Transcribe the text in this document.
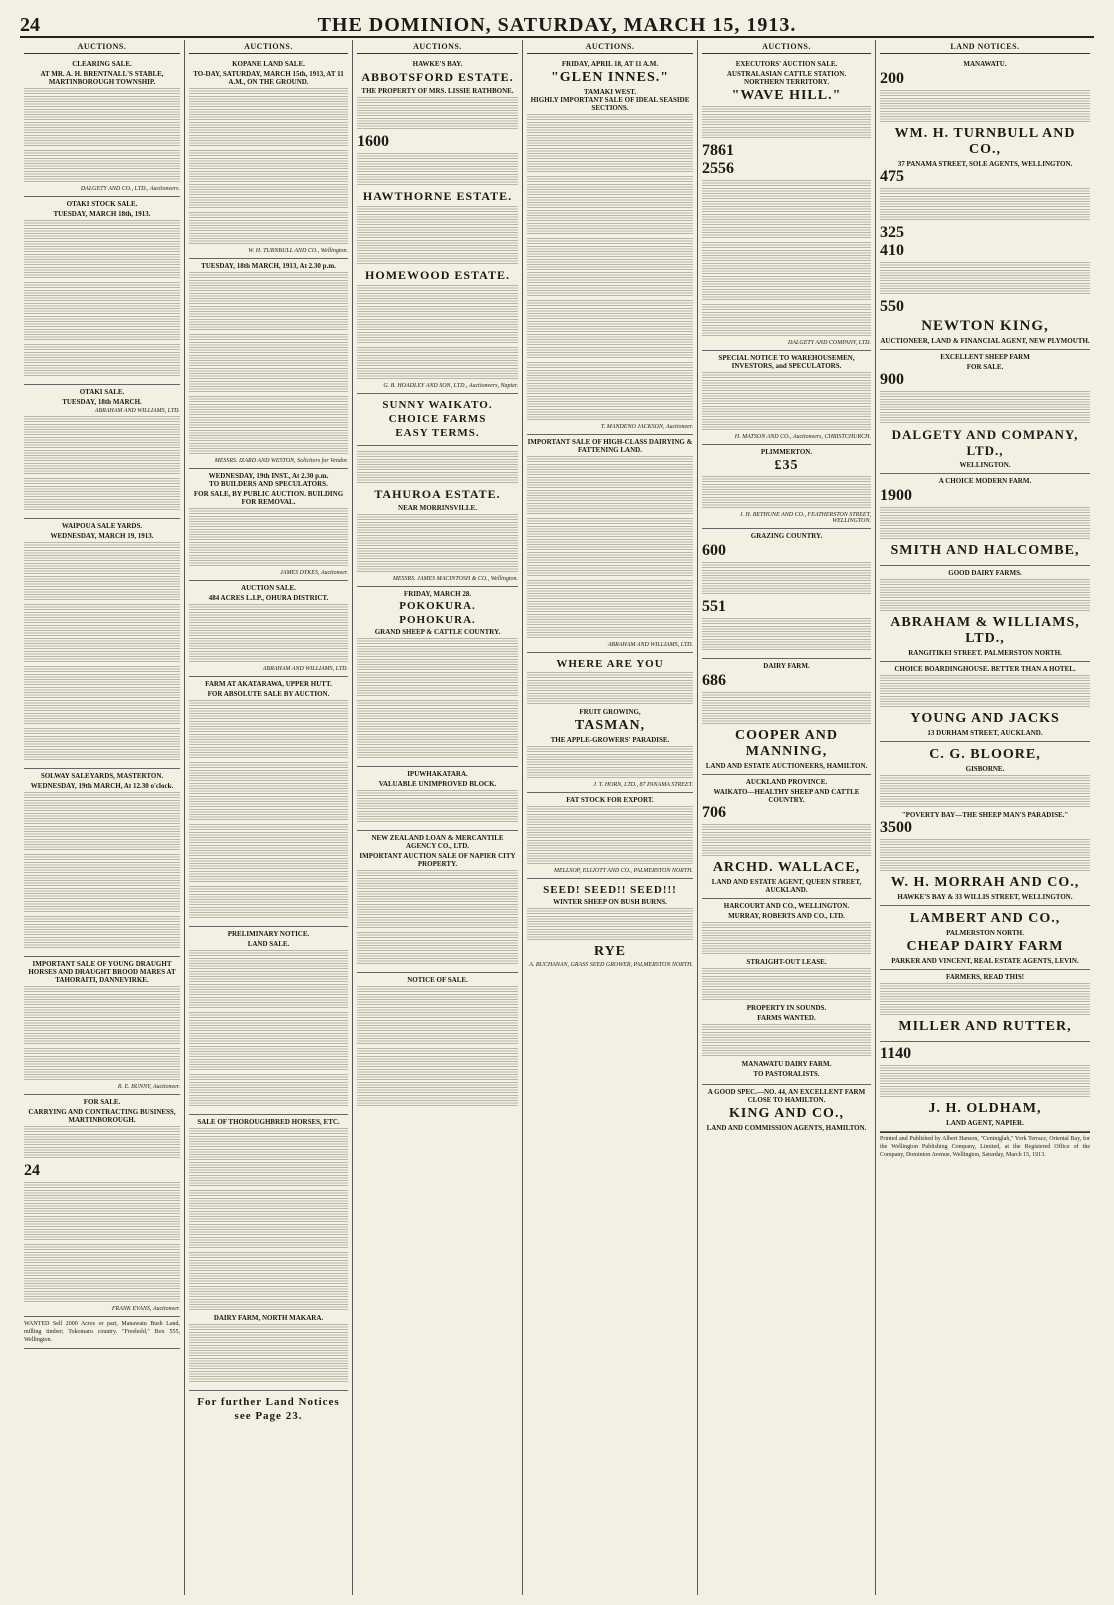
24	THE DOMINION, SATURDAY, MARCH 15, 1913.
AUCTIONS.
CLEARING SALE.
AT MR. A. H. BRENTNALL'S STABLE, MARTINBOROUGH TOWNSHIP.
DALGETY AND CO., LTD., Auctioneers.
OTAKI STOCK SALE.
TUESDAY, MARCH 18th, 1913.
OTAKI SALE.
TUESDAY, 18th MARCH.
ABRAHAM AND WILLIAMS, LTD.
WAIPOUA SALE YARDS.
WEDNESDAY, MARCH 19, 1913.
SOLWAY SALEYARDS, MASTERTON.
WEDNESDAY, 19th MARCH, At 12.30 o'clock.
IMPORTANT SALE OF YOUNG DRAUGHT HORSES AND DRAUGHT BROOD MARES AT TAHORAITI, DANNEVIRKE.
R. E. BUNNY, Auctioneer.
FOR SALE.
CARRYING AND CONTRACTING BUSINESS, MARTINBOROUGH.
24
FRANK EVANS, Auctioneer.
WANTED Sell 2000 Acres or part, Manawatu Bush Land, milling timber; Tokomaru country. "Freehold," Box 555, Wellington.
AUCTIONS.
KOPANE LAND SALE.
TO-DAY, SATURDAY, MARCH 15th, 1913, AT 11 A.M., ON THE GROUND.
W. H. TURNBULL AND CO., Wellington.
TUESDAY, 18th MARCH, 1913, At 2.30 p.m.
MESSRS. IZARD AND WESTON, Solicitors for Vendor.
WEDNESDAY, 19th INST., At 2.30 p.m.
TO BUILDERS AND SPECULATORS.
FOR SALE, BY PUBLIC AUCTION. BUILDING FOR REMOVAL.
JAMES DYKES, Auctioneer.
AUCTION SALE.
484 ACRES L.I.P., OHURA DISTRICT.
ABRAHAM AND WILLIAMS, LTD.
FARM AT AKATARAWA, UPPER HUTT.
FOR ABSOLUTE SALE BY AUCTION.
PRELIMINARY NOTICE.
LAND SALE.
SALE OF THOROUGHBRED HORSES, ETC.
DAIRY FARM, NORTH MAKARA.
For further Land Notices
see Page 23.
AUCTIONS.
HAWKE'S BAY.
ABBOTSFORD ESTATE.
THE PROPERTY OF MRS. LISSIE RATHBONE.
1600
HAWTHORNE ESTATE.
HOMEWOOD ESTATE.
G. B. HOADLEY AND SON, LTD., Auctioneers, Napier.
SUNNY WAIKATO.
CHOICE FARMS
EASY TERMS.
TAHUROA ESTATE.
NEAR MORRINSVILLE.
MESSRS. JAMES MACINTOSH & CO., Wellington.
FRIDAY, MARCH 28.
POKOKURA.
POHOKURA.
GRAND SHEEP & CATTLE COUNTRY.
IPUWHAKATARA.
VALUABLE UNIMPROVED BLOCK.
NEW ZEALAND LOAN & MERCANTILE AGENCY CO., LTD.
IMPORTANT AUCTION SALE OF NAPIER CITY PROPERTY.
NOTICE OF SALE.
AUCTIONS.
FRIDAY, APRIL 18, AT 11 A.M.
"GLEN INNES."
TAMAKI WEST.
HIGHLY IMPORTANT SALE OF IDEAL SEASIDE SECTIONS.
T. MANDENO JACKSON, Auctioneer.
IMPORTANT SALE OF HIGH-CLASS DAIRYING & FATTENING LAND.
ABRAHAM AND WILLIAMS, LTD.
WHERE ARE YOU
FRUIT GROWING,
TASMAN,
THE APPLE-GROWERS' PARADISE.
J. T. HORN, LTD., 87 PANAMA STREET.
FAT STOCK FOR EXPORT.
MELLSOP, ELLIOTT AND CO., PALMERSTON NORTH.
SEED! SEED!! SEED!!!
WINTER SHEEP ON BUSH BURNS.
RYE
A. BUCHANAN, GRASS SEED GROWER, PALMERSTON NORTH.
AUCTIONS.
EXECUTORS' AUCTION SALE.
AUSTRALASIAN CATTLE STATION.
NORTHERN TERRITORY.
"WAVE HILL."
7861
2556
DALGETY AND COMPANY, LTD.
SPECIAL NOTICE TO WAREHOUSEMEN, INVESTORS, and SPECULATORS.
H. MATSON AND CO., Auctioneers, CHRISTCHURCH.
PLIMMERTON.
£35
J. H. BETHUNE AND CO., FEATHERSTON STREET, WELLINGTON.
GRAZING COUNTRY.
600
551
DAIRY FARM.
686
COOPER AND MANNING,
LAND AND ESTATE AUCTIONEERS, HAMILTON.
AUCKLAND PROVINCE.
WAIKATO—HEALTHY SHEEP AND CATTLE COUNTRY.
706
ARCHD. WALLACE,
LAND AND ESTATE AGENT, QUEEN STREET, AUCKLAND.
HARCOURT AND CO., WELLINGTON.
MURRAY, ROBERTS AND CO., LTD.
STRAIGHT-OUT LEASE.
PROPERTY IN SOUNDS.
FARMS WANTED.
MANAWATU DAIRY FARM.
TO PASTORALISTS.
A GOOD SPEC.—NO. 44, AN EXCELLENT FARM CLOSE TO HAMILTON.
KING AND CO.,
LAND AND COMMISSION AGENTS, HAMILTON.
LAND NOTICES.
MANAWATU.
200
WM. H. TURNBULL AND CO.,
37 PANAMA STREET, SOLE AGENTS, WELLINGTON.
475
325
410
550
NEWTON KING,
AUCTIONEER, LAND & FINANCIAL AGENT, NEW PLYMOUTH.
EXCELLENT SHEEP FARM
FOR SALE.
900
DALGETY AND COMPANY, LTD.,
WELLINGTON.
A CHOICE MODERN FARM.
1900
SMITH AND HALCOMBE,
GOOD DAIRY FARMS.
ABRAHAM & WILLIAMS, LTD.,
RANGITIKEI STREET. PALMERSTON NORTH.
CHOICE BOARDINGHOUSE. BETTER THAN A HOTEL.
YOUNG AND JACKS
13 DURHAM STREET, AUCKLAND.
C. G. BLOORE,
GISBORNE.
"POVERTY BAY—THE SHEEP MAN'S PARADISE."
3500
W. H. MORRAH AND CO.,
HAWKE'S BAY & 33 WILLIS STREET, WELLINGTON.
LAMBERT AND CO.,
PALMERSTON NORTH.
CHEAP DAIRY FARM
PARKER AND VINCENT, REAL ESTATE AGENTS, LEVIN.
FARMERS, READ THIS!
MILLER AND RUTTER,
1140
J. H. OLDHAM,
LAND AGENT, NAPIER.
Printed and Published by Albert Hanson, "Ceniniglah," York Terrace, Oriental Bay, for the Wellington Publishing Company, Limited, at the Registered Office of the Company, Dominion Avenue, Wellington, Saturday, March 15, 1913.
